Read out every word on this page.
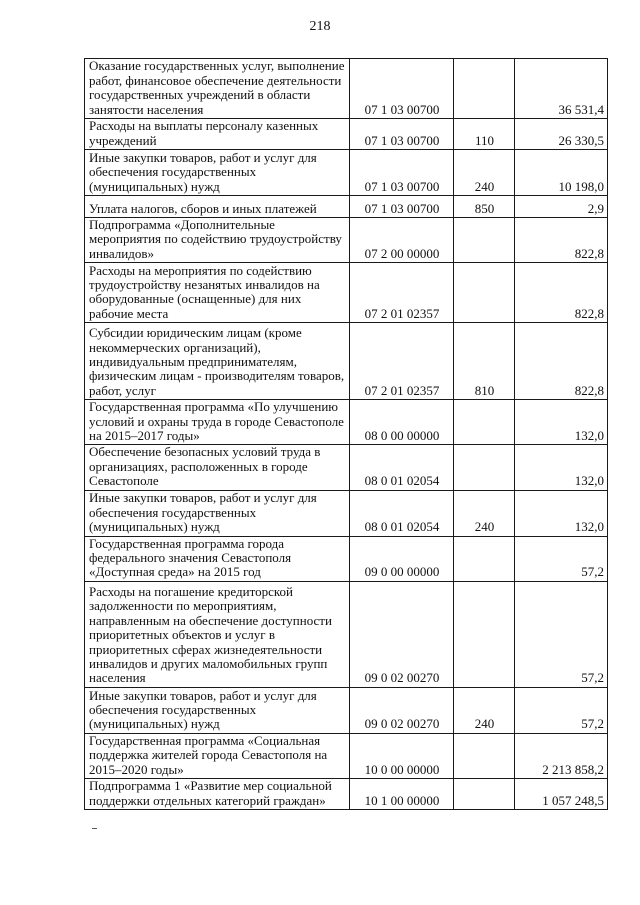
218
Оказание государственных услуг, выполнение работ, финансовое обеспечение деятельности государственных учреждений в области занятости населения	07 1 03 00700		36 531,4
Расходы на выплаты персоналу казенных учреждений	07 1 03 00700	110	26 330,5
Иные закупки товаров, работ и услуг для обеспечения государственных (муниципальных) нужд	07 1 03 00700	240	10 198,0
Уплата налогов, сборов и иных платежей	07 1 03 00700	850	2,9
Подпрограмма «Дополнительные мероприятия по содействию трудоустройству инвалидов»	07 2 00 00000		822,8
Расходы на мероприятия по содействию трудоустройству незанятых инвалидов на оборудованные (оснащенные) для них рабочие места	07 2 01 02357		822,8
Субсидии юридическим лицам (кроме некоммерческих организаций), индивидуальным предпринимателям, физическим лицам - производителям товаров, работ, услуг	07 2 01 02357	810	822,8
Государственная программа «По улучшению условий и охраны труда в городе Севастополе на 2015–2017 годы»	08 0 00 00000		132,0
Обеспечение безопасных условий труда в организациях, расположенных в городе Севастополе	08 0 01 02054		132,0
Иные закупки товаров, работ и услуг для обеспечения государственных (муниципальных) нужд	08 0 01 02054	240	132,0
Государственная программа города федерального значения Севастополя «Доступная среда» на 2015 год	09 0 00 00000		57,2
Расходы на погашение кредиторской задолженности по мероприятиям, направленным на обеспечение доступности приоритетных объектов и услуг в приоритетных сферах жизнедеятельности инвалидов и других маломобильных групп населения	09 0 02 00270		57,2
Иные закупки товаров, работ и услуг для обеспечения государственных (муниципальных) нужд	09 0 02 00270	240	57,2
Государственная программа «Социальная поддержка жителей города Севастополя на 2015–2020 годы»	10 0 00 00000		2 213 858,2
Подпрограмма 1 «Развитие мер социальной поддержки отдельных категорий граждан»	10 1 00 00000		1 057 248,5
